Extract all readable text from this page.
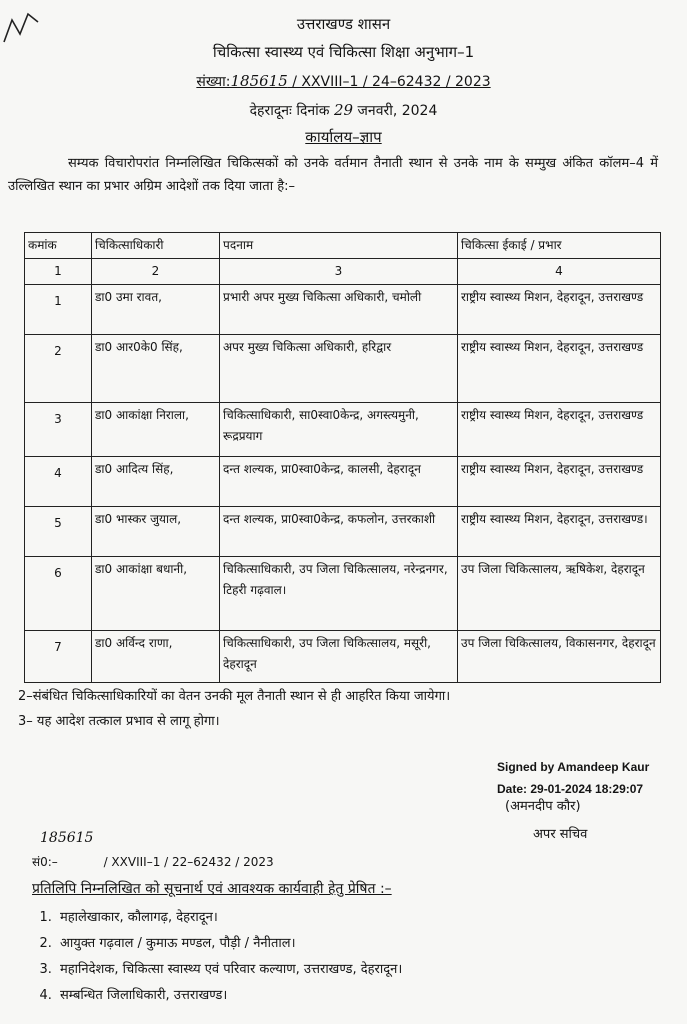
उत्तराखण्ड शासन
चिकित्सा स्वास्थ्य एवं चिकित्सा शिक्षा अनुभाग–1
संख्या:185615 / XXVIII–1 / 24–62432 / 2023
देहरादूनः दिनांक 29 जनवरी, 2024
कार्यालय–ज्ञाप
सम्यक विचारोपरांत निम्नलिखित चिकित्सकों को उनके वर्तमान तैनाती स्थान से उनके नाम के सम्मुख अंकित कॉलम–4 में उल्लिखित स्थान का प्रभार अग्रिम आदेशों तक दिया जाता है:–
कमांक	चिकित्साधिकारी	पदनाम	चिकित्सा ईकाई / प्रभार
1	2	3	4
1	डा0 उमा रावत,	प्रभारी अपर मुख्य चिकित्सा अधिकारी, चमोली	राष्ट्रीय स्वास्थ्य मिशन, देहरादून, उत्तराखण्ड
2	डा0 आर0के0 सिंह,	अपर मुख्य चिकित्सा अधिकारी, हरिद्वार	राष्ट्रीय स्वास्थ्य मिशन, देहरादून, उत्तराखण्ड
3	डा0 आकांक्षा निराला,	चिकित्साधिकारी, सा0स्वा0केन्द्र, अगस्त्यमुनी, रूद्रप्रयाग	राष्ट्रीय स्वास्थ्य मिशन, देहरादून, उत्तराखण्ड
4	डा0 आदित्य सिंह,	दन्त शल्यक, प्रा0स्वा0केन्द्र, कालसी, देहरादून	राष्ट्रीय स्वास्थ्य मिशन, देहरादून, उत्तराखण्ड
5	डा0 भास्कर जुयाल,	दन्त शल्यक, प्रा0स्वा0केन्द्र, कफलोन, उत्तरकाशी	राष्ट्रीय स्वास्थ्य मिशन, देहरादून, उत्तराखण्ड।
6	डा0 आकांक्षा बधानी,	चिकित्साधिकारी, उप जिला चिकित्सालय, नरेन्द्रनगर, टिहरी गढ़वाल।	उप जिला चिकित्सालय, ऋषिकेश, देहरादून
7	डा0 अर्विन्द राणा,	चिकित्साधिकारी, उप जिला चिकित्सालय, मसूरी, देहरादून	उप जिला चिकित्सालय, विकासनगर, देहरादून
2–संबंधित चिकित्साधिकारियों का वेतन उनकी मूल तैनाती स्थान से ही आहरित किया जायेगा।
3– यह आदेश तत्काल प्रभाव से लागू होगा।
Signed by Amandeep Kaur
Date: 29-01-2024 18:29:07
(अमनदीप कौर)
अपर सचिव
185615
सं0:–	/ XXVIII–1 / 22–62432 / 2023
प्रतिलिपि निम्नलिखित को सूचनार्थ एवं आवश्यक कार्यवाही हेतु प्रेषित :–
1. महालेखाकार, कौलागढ़, देहरादून।
2. आयुक्त गढ़वाल / कुमाऊ मण्डल, पौड़ी / नैनीताल।
3. महानिदेशक, चिकित्सा स्वास्थ्य एवं परिवार कल्याण, उत्तराखण्ड, देहरादून।
4. सम्बन्धित जिलाधिकारी, उत्तराखण्ड।
